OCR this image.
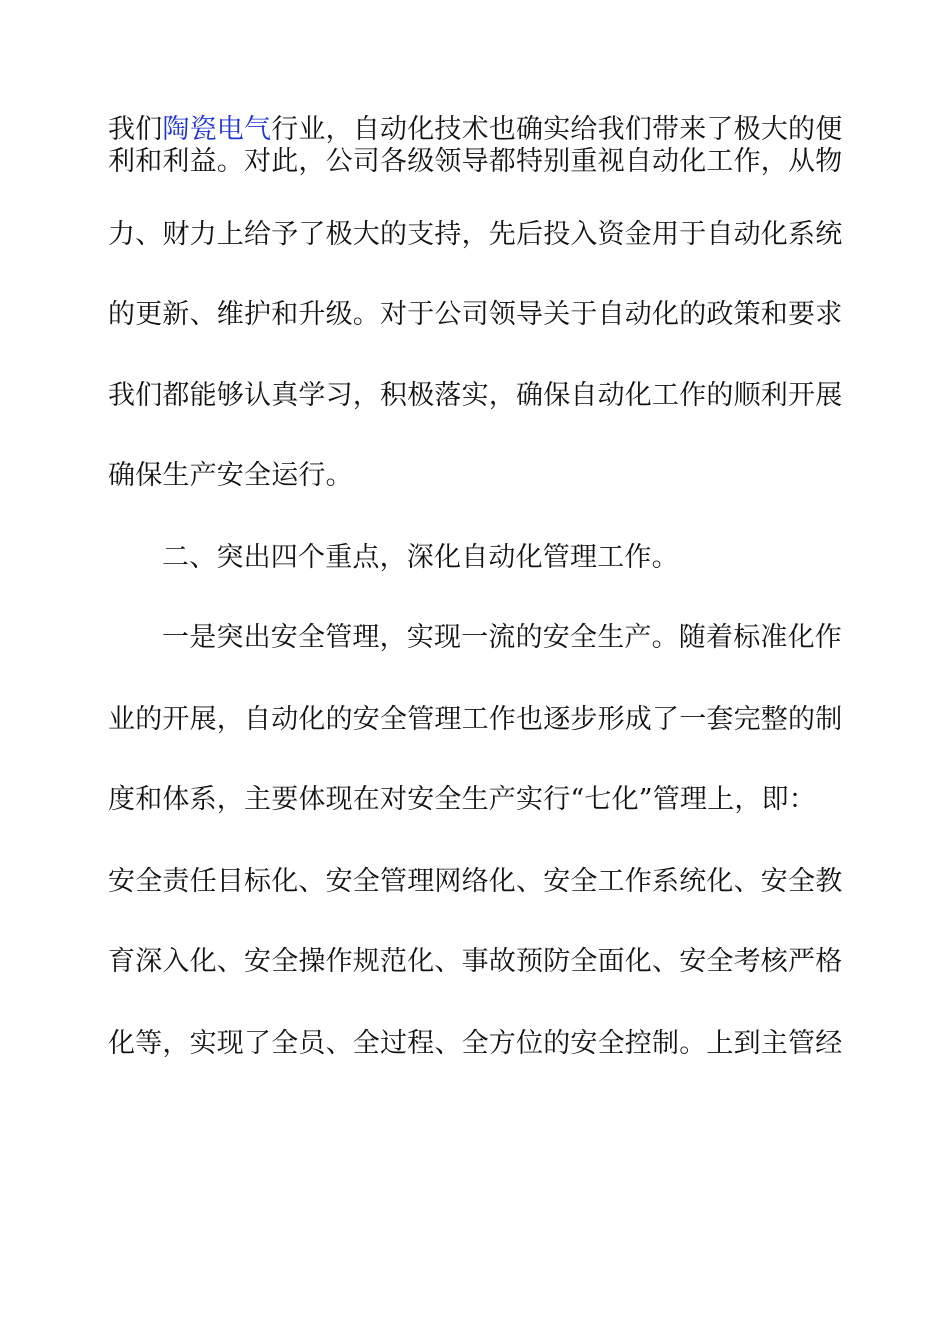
我们陶瓷电气行业，自动化技术也确实给我们带来了极大的便
利和利益。对此，公司各级领导都特别重视自动化工作，从物
力、财力上给予了极大的支持，先后投入资金用于自动化系统
的更新、维护和升级。对于公司领导关于自动化的政策和要求
我们都能够认真学习，积极落实，确保自动化工作的顺利开展
确保生产安全运行。
二、突出四个重点，深化自动化管理工作。
一是突出安全管理，实现一流的安全生产。随着标准化作
业的开展，自动化的安全管理工作也逐步形成了一套完整的制
度和体系，主要体现在对安全生产实行“七化”管理上，即：
安全责任目标化、安全管理网络化、安全工作系统化、安全教
育深入化、安全操作规范化、事故预防全面化、安全考核严格
化等，实现了全员、全过程、全方位的安全控制。上到主管经
